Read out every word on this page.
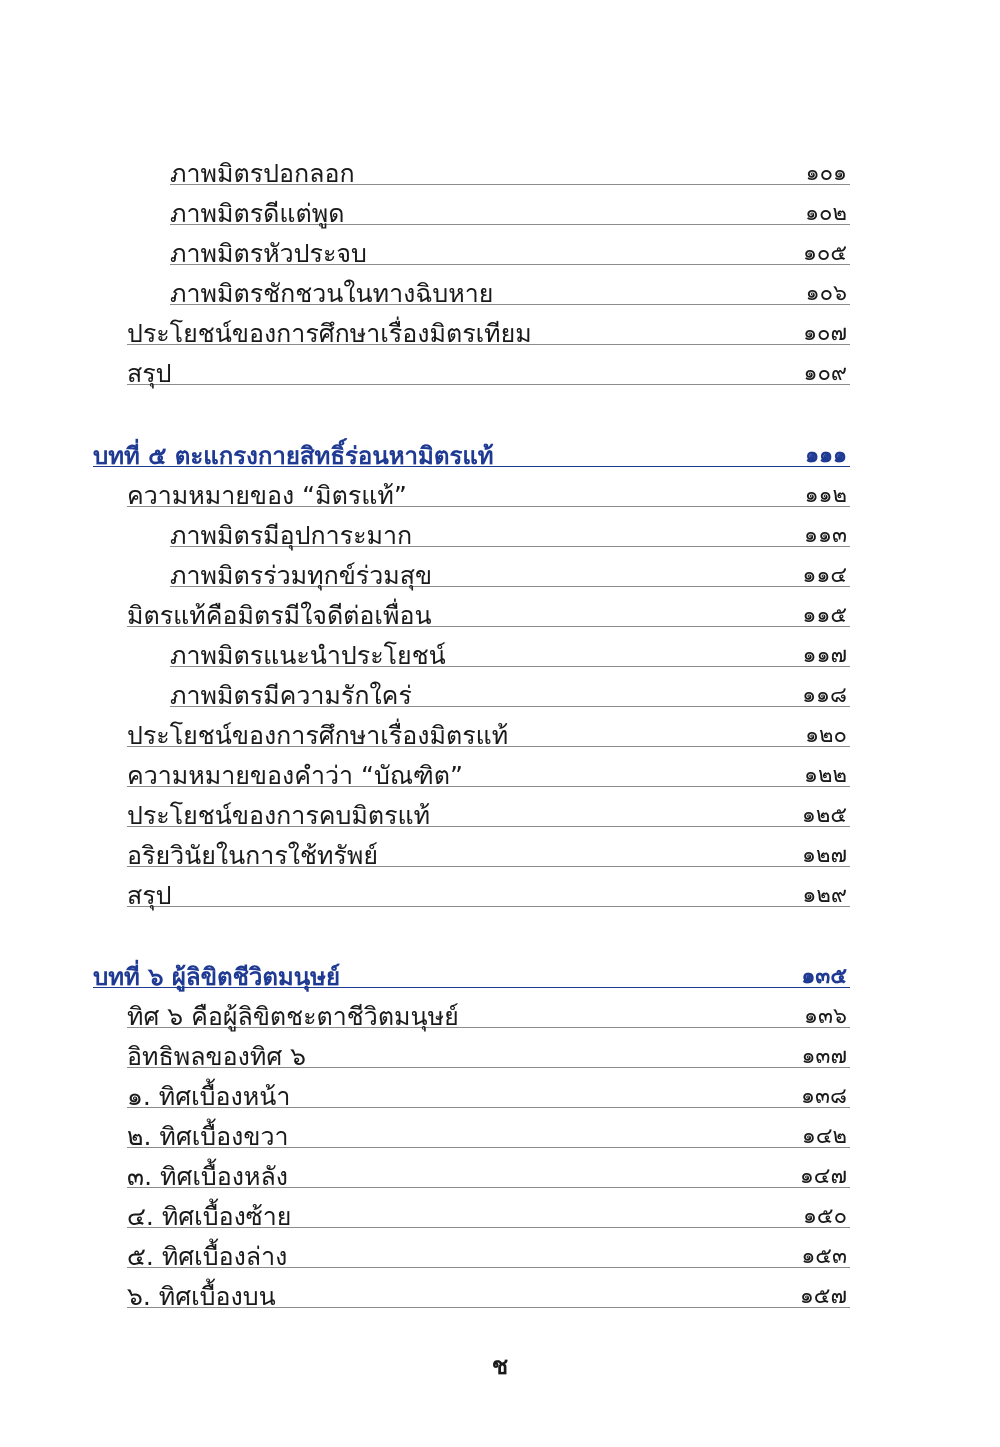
ภาพมิตรปอกลอก	๑๐๑
ภาพมิตรดีแต่พูด	๑๐๒
ภาพมิตรหัวประจบ	๑๐๕
ภาพมิตรชักชวนในทางฉิบหาย	๑๐๖
ประโยชน์ของการศึกษาเรื่องมิตรเทียม	๑๐๗
สรุป	๑๐๙
บทที่ ๕ ตะแกรงกายสิทธิ์ร่อนหามิตรแท้	๑๑๑
ความหมายของ “มิตรแท้”	๑๑๒
ภาพมิตรมีอุปการะมาก	๑๑๓
ภาพมิตรร่วมทุกข์ร่วมสุข	๑๑๔
มิตรแท้คือมิตรมีใจดีต่อเพื่อน	๑๑๕
ภาพมิตรแนะนำประโยชน์	๑๑๗
ภาพมิตรมีความรักใคร่	๑๑๘
ประโยชน์ของการศึกษาเรื่องมิตรแท้	๑๒๐
ความหมายของคำว่า “บัณฑิต”	๑๒๒
ประโยชน์ของการคบมิตรแท้	๑๒๕
อริยวินัยในการใช้ทรัพย์	๑๒๗
สรุป	๑๒๙
บทที่ ๖ ผู้ลิขิตชีวิตมนุษย์	๑๓๕
ทิศ ๖ คือผู้ลิขิตชะตาชีวิตมนุษย์	๑๓๖
อิทธิพลของทิศ ๖	๑๓๗
๑. ทิศเบื้องหน้า	๑๓๘
๒. ทิศเบื้องขวา	๑๔๒
๓. ทิศเบื้องหลัง	๑๔๗
๔. ทิศเบื้องซ้าย	๑๕๐
๕. ทิศเบื้องล่าง	๑๕๓
๖. ทิศเบื้องบน	๑๕๗
ช
